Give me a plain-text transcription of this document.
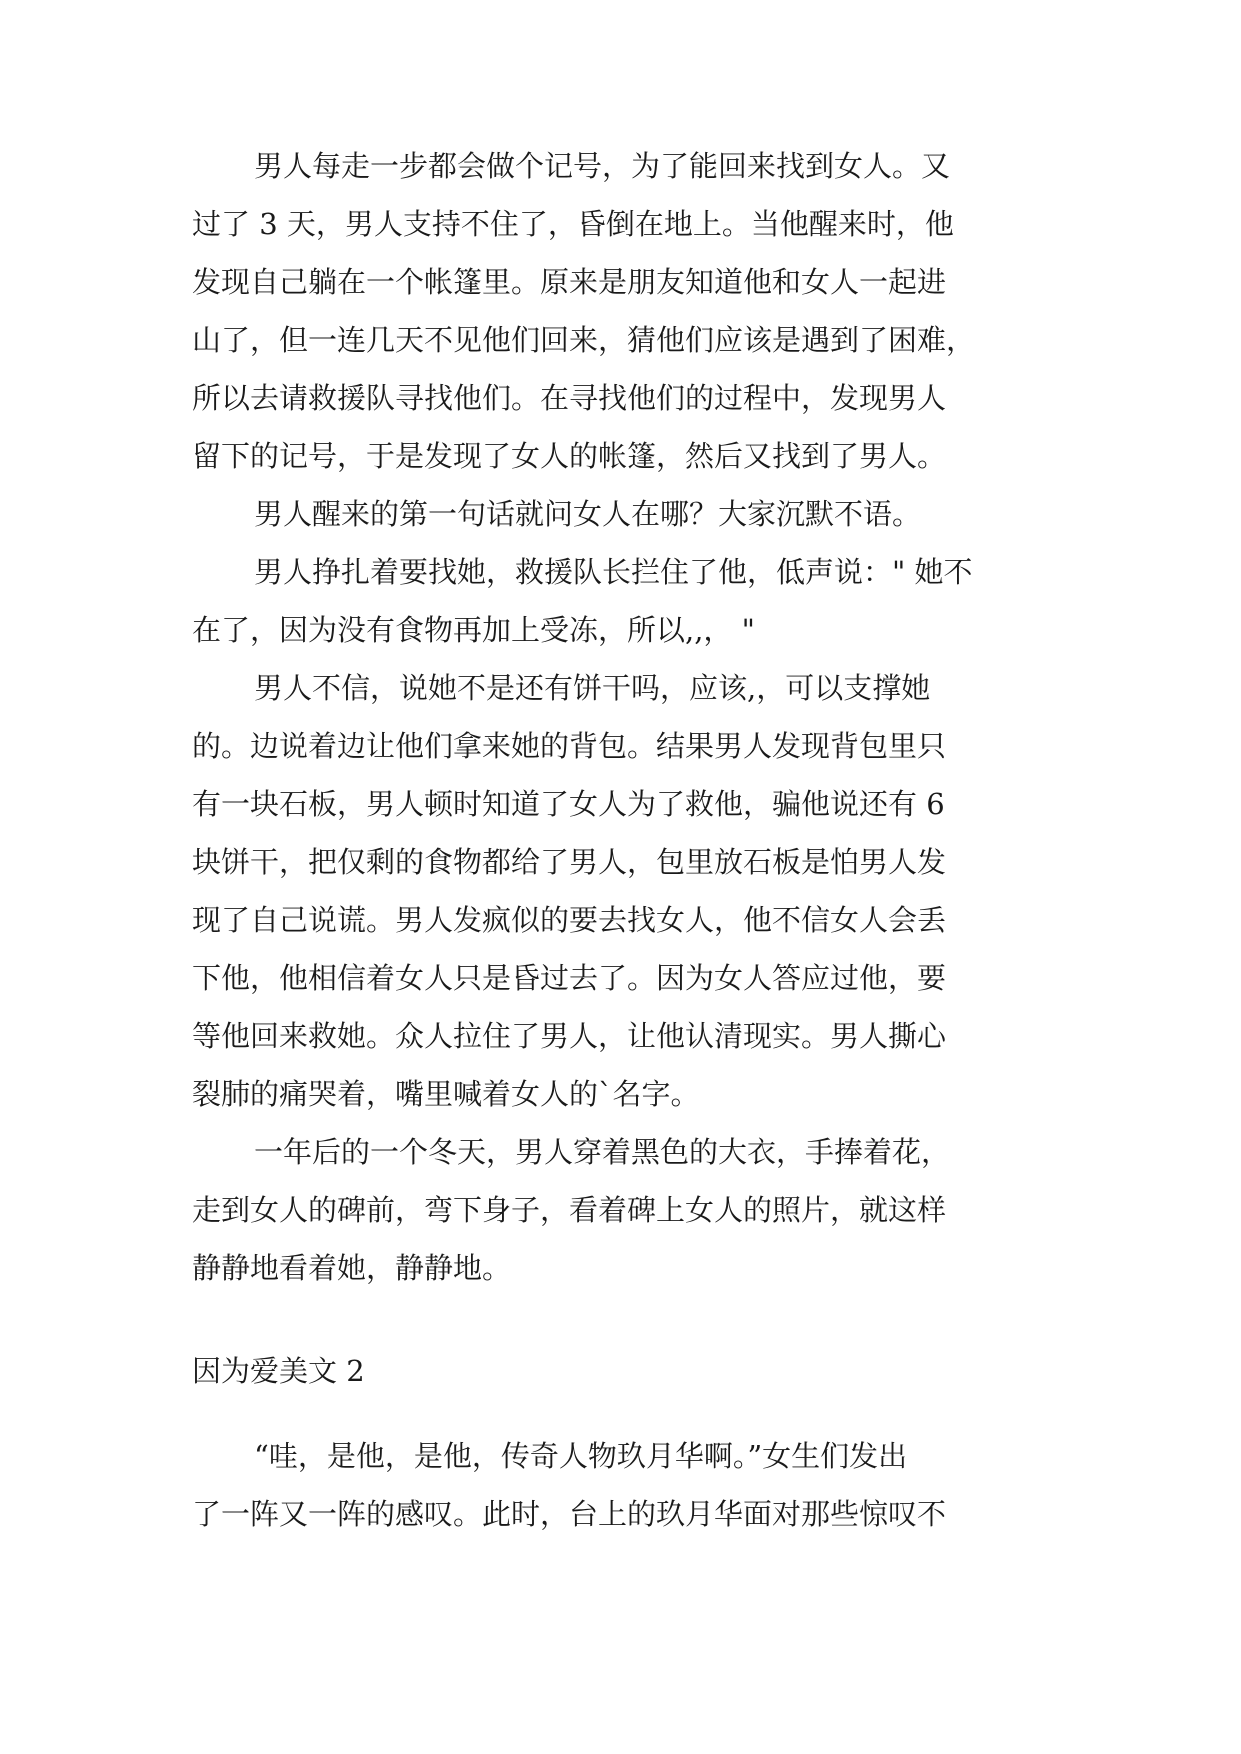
男人每走一步都会做个记号，为了能回来找到女人。又
过了 3 天，男人支持不住了，昏倒在地上。当他醒来时，他
发现自己躺在一个帐篷里。原来是朋友知道他和女人一起进
山了，但一连几天不见他们回来，猜他们应该是遇到了困难，
所以去请救援队寻找他们。在寻找他们的过程中，发现男人
留下的记号，于是发现了女人的帐篷，然后又找到了男人。
男人醒来的第一句话就问女人在哪？大家沉默不语。
男人挣扎着要找她，救援队长拦住了他，低声说：" 她不
在了，因为没有食物再加上受冻，所以,,， "
男人不信，说她不是还有饼干吗，应该,，可以支撑她
的。边说着边让他们拿来她的背包。结果男人发现背包里只
有一块石板，男人顿时知道了女人为了救他，骗他说还有 6
块饼干，把仅剩的食物都给了男人，包里放石板是怕男人发
现了自己说谎。男人发疯似的要去找女人，他不信女人会丢
下他，他相信着女人只是昏过去了。因为女人答应过他，要
等他回来救她。众人拉住了男人，让他认清现实。男人撕心
裂肺的痛哭着，嘴里喊着女人的`名字。
一年后的一个冬天，男人穿着黑色的大衣，手捧着花，
走到女人的碑前，弯下身子，看着碑上女人的照片，就这样
静静地看着她，静静地。
因为爱美文 2
“哇，是他，是他，传奇人物玖月华啊。”女生们发出
了一阵又一阵的感叹。此时，台上的玖月华面对那些惊叹不
